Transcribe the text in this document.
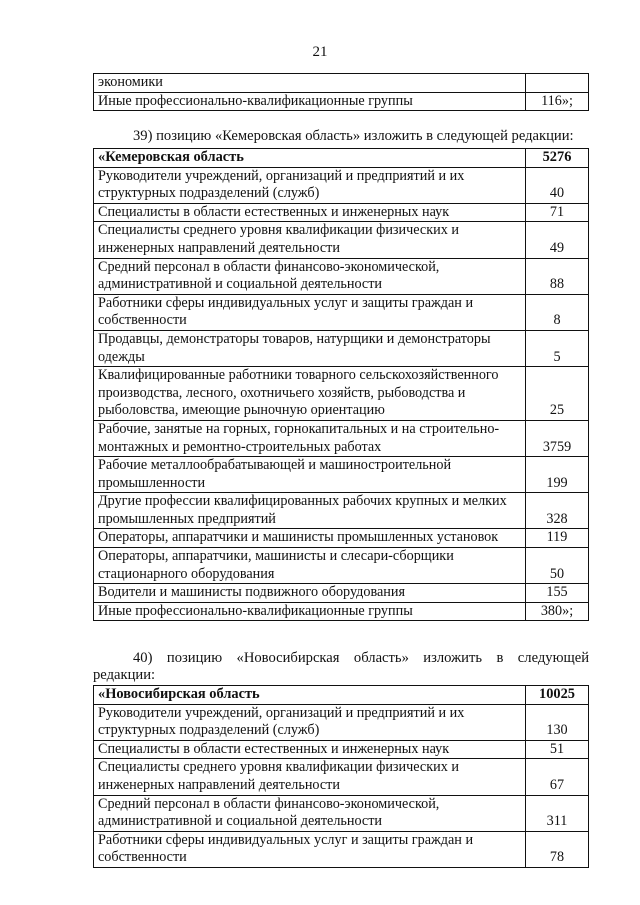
21
экономики	
Иные профессионально-квалификационные группы	116»;
39) позицию «Кемеровская область» изложить в следующей редакции:
«Кемеровская область	5276
Руководители учреждений, организаций и предприятий и их структурных подразделений (служб)	40
Специалисты в области естественных и инженерных наук	71
Специалисты среднего уровня квалификации физических и инженерных направлений деятельности	49
Средний персонал в области финансово-экономической, административной и социальной деятельности	88
Работники сферы индивидуальных услуг и защиты граждан и собственности	8
Продавцы, демонстраторы товаров, натурщики и демонстраторы одежды	5
Квалифицированные работники товарного сельскохозяйственного производства, лесного, охотничьего хозяйств, рыбоводства и рыболовства, имеющие рыночную ориентацию	25
Рабочие, занятые на горных, горнокапитальных и на строительно-монтажных и ремонтно-строительных работах	3759
Рабочие металлообрабатывающей и машиностроительной промышленности	199
Другие профессии квалифицированных рабочих крупных и мелких промышленных предприятий	328
Операторы, аппаратчики и машинисты промышленных установок	119
Операторы, аппаратчики, машинисты и слесари-сборщики стационарного оборудования	50
Водители и машинисты подвижного оборудования	155
Иные профессионально-квалификационные группы	380»;
40) позицию «Новосибирская область» изложить в следующей редакции:
«Новосибирская область	10025
Руководители учреждений, организаций и предприятий и их структурных подразделений (служб)	130
Специалисты в области естественных и инженерных наук	51
Специалисты среднего уровня квалификации физических и инженерных направлений деятельности	67
Средний персонал в области финансово-экономической, административной и социальной деятельности	311
Работники сферы индивидуальных услуг и защиты граждан и собственности	78
